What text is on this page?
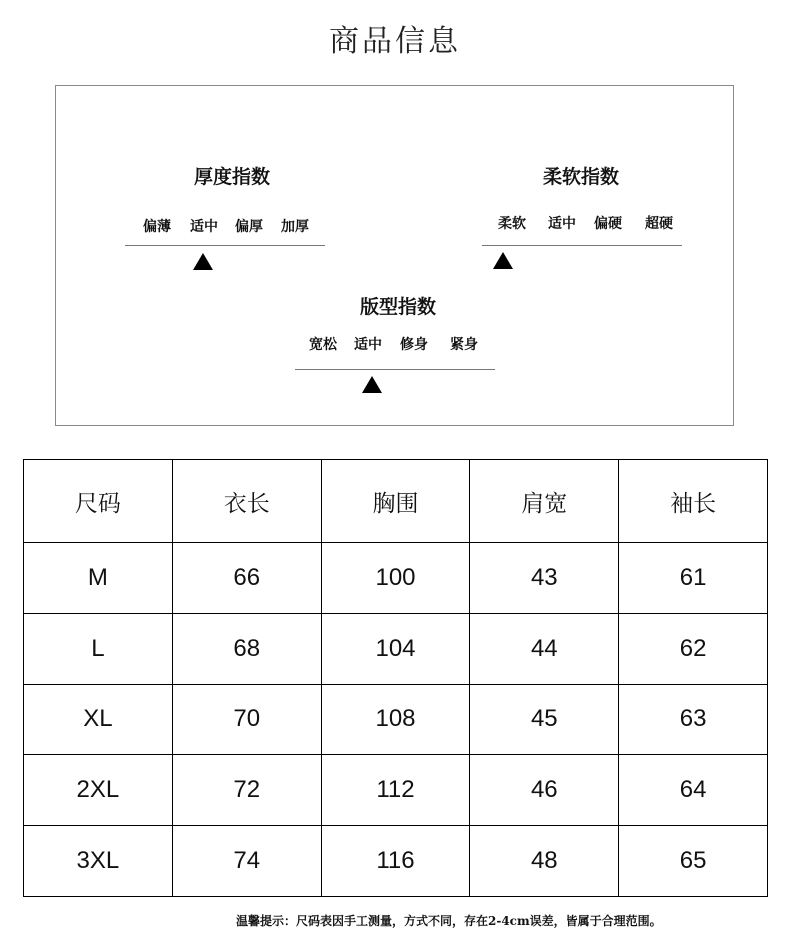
商品信息
厚度指数
偏薄 适中 偏厚 加厚
柔软指数
柔软 适中 偏硬 超硬
版型指数
宽松 适中 修身 紧身
尺码	衣长	胸围	肩宽	袖长
M	66	100	43	61
L	68	104	44	62
XL	70	108	45	63
2XL	72	112	46	64
3XL	74	116	48	65
温馨提示：尺码表因手工测量，方式不同，存在2-4cm误差，皆属于合理范围。
